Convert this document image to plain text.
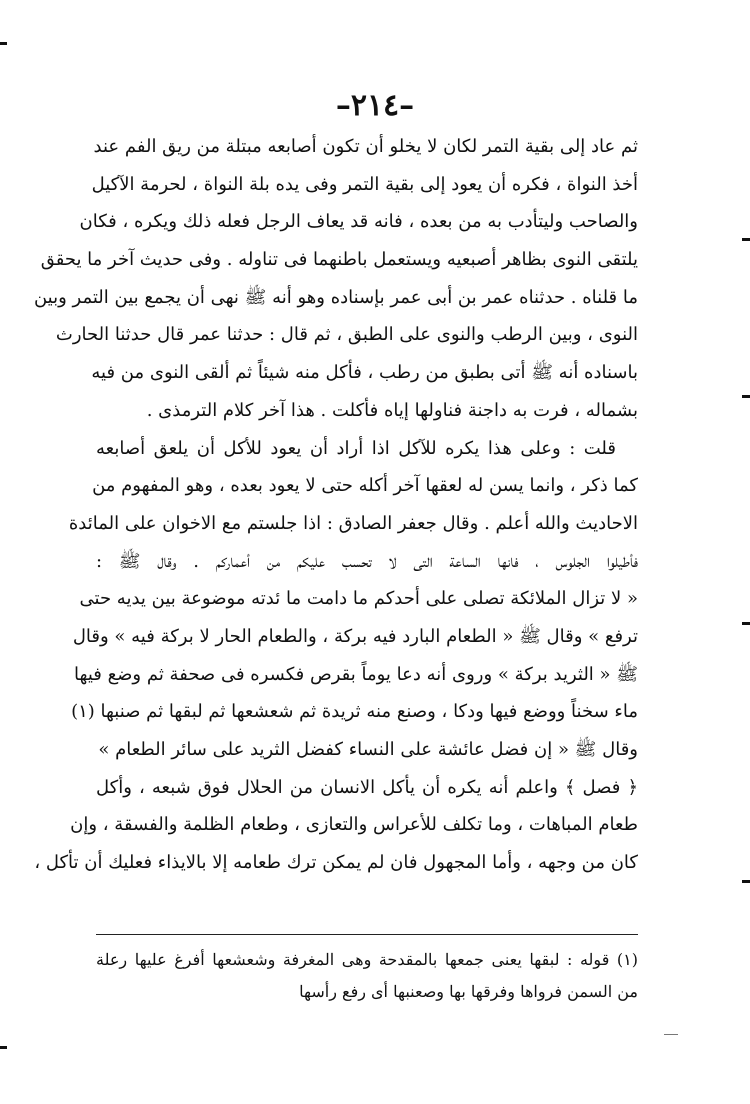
–٢١٤–
ثم عاد إلى بقية التمر لكان لا يخلو أن تكون أصابعه مبتلة من ريق الفم عند
أخذ النواة ، فكره أن يعود إلى بقية التمر وفى يده بلة النواة ، لحرمة الآكيل
والصاحب وليتأدب به من بعده ، فانه قد يعاف الرجل فعله ذلك ويكره ، فكان
يلتقى النوى بظاهر أصبعيه ويستعمل باطنهما فى تناوله . وفى حديث آخر ما يحقق
ما قلناه . حدثناه عمر بن أبى عمر بإسناده وهو أنه ﷺ نهى أن يجمع بين التمر وبين
النوى ، وبين الرطب والنوى على الطبق ، ثم قال : حدثنا عمر قال حدثنا الحارث
باسناده أنه ﷺ أتى بطبق من رطب ، فأكل منه شيئاً ثم ألقى النوى من فيه
بشماله ، فرت به داجنة فناولها إياه فأكلت . هذا آخر كلام الترمذى .
قلت : وعلى هذا يكره للآكل اذا أراد أن يعود للأكل أن يلعق أصابعه
كما ذكر ، وانما يسن له لعقها آخر أكله حتى لا يعود بعده ، وهو المفهوم من
الاحاديث والله أعلم . وقال جعفر الصادق : اذا جلستم مع الاخوان على المائدة
فأطيلوا الجلوس ، فانها الساعة التى لا تحسب عليكم من أعماركم . وقال ﷺ :
« لا تزال الملائكة تصلى على أحدكم ما دامت ما ئدته موضوعة بين يديه حتى
ترفع » وقال ﷺ « الطعام البارد فيه بركة ، والطعام الحار لا بركة فيه » وقال
ﷺ « الثريد بركة » وروى أنه دعا يوماً بقرص فكسره فى صحفة ثم وضع فيها
ماء سخناً ووضع فيها ودكا ، وصنع منه ثريدة ثم شعشعها ثم لبقها ثم صنبها (١)
وقال ﷺ « إن فضل عائشة على النساء كفضل الثريد على سائر الطعام »
﴿ فصل ﴾ واعلم أنه يكره أن يأكل الانسان من الحلال فوق شبعه ، وأكل
طعام المباهات ، وما تكلف للأعراس والتعازى ، وطعام الظلمة والفسقة ، وإن
كان من وجهه ، وأما المجهول فان لم يمكن ترك طعامه إلا بالايذاء فعليك أن تأكل ،
(١) قوله : لبقها يعنى جمعها بالمقدحة وهى المغرفة وشعشعها أفرغ عليها رعلة
من السمن فرواها وفرقها بها وصعنبها أى رفع رأسها
